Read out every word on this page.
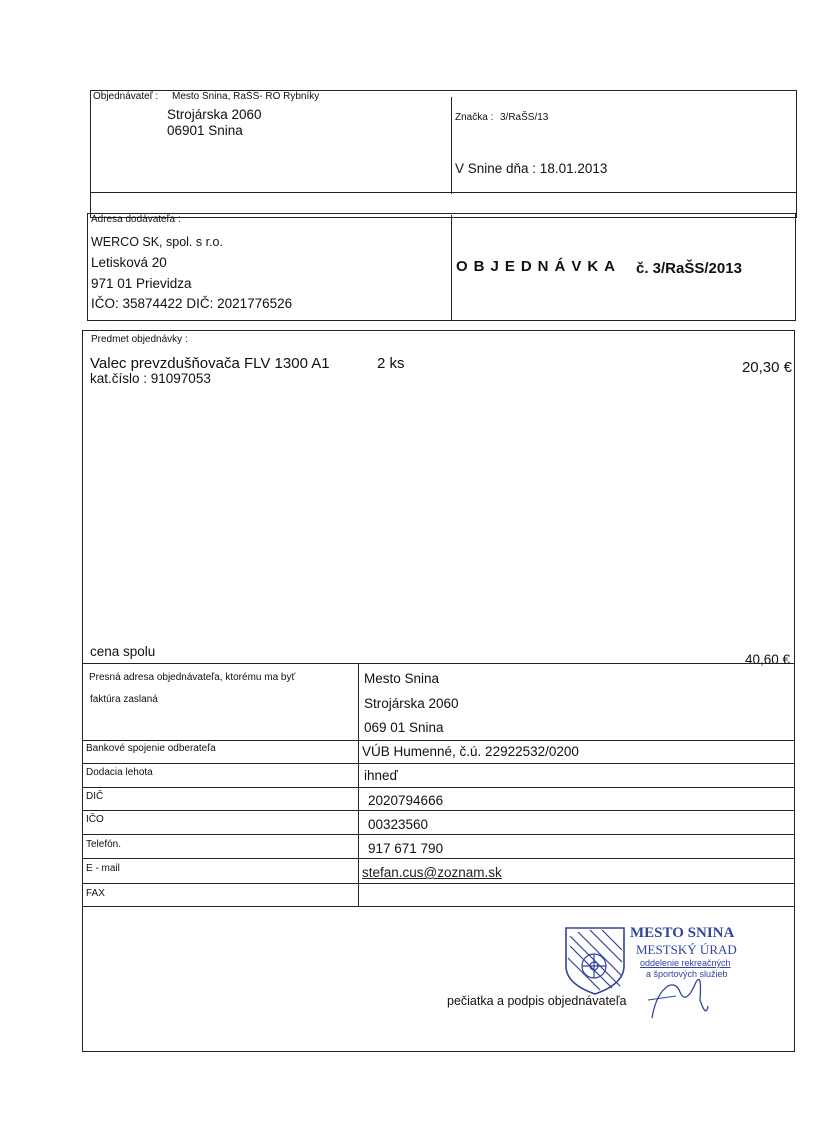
Objednávateľ : Mesto Snina, RaŠS- RO Rybníky
Strojárska 2060
06901 Snina
Značka : 3/RaŠS/13
V Snine dňa : 18.01.2013
Adresa dodávateľa :
WERCO SK, spol. s r.o.
Letisková 20
971 01 Prievidza
IČO: 35874422 DIČ: 2021776526
OBJEDNÁVKA č. 3/RaŠS/2013
Predmet objednávky :
Valec prevzdušňovača FLV 1300 A1	2 ks	20,30 €
kat.číslo : 91097053
cena spolu
40,60 €
Presná adresa objednávateľa, ktorému ma byť
faktúra zaslaná
Mesto Snina
Strojárska 2060
069 01 Snina
Bankové spojenie odberateľa	VÚB Humenné, č.ú. 22922532/0200
Dodacia lehota	ihneď
DIČ	2020794666
IČO	00323560
Telefón.	917 671 790
E - mail	stefan.cus@zoznam.sk
FAX
pečiatka a podpis objednávateľa
MESTO SNINA
MESTSKÝ ÚRAD
oddelenie rekreačných
a športových služieb
